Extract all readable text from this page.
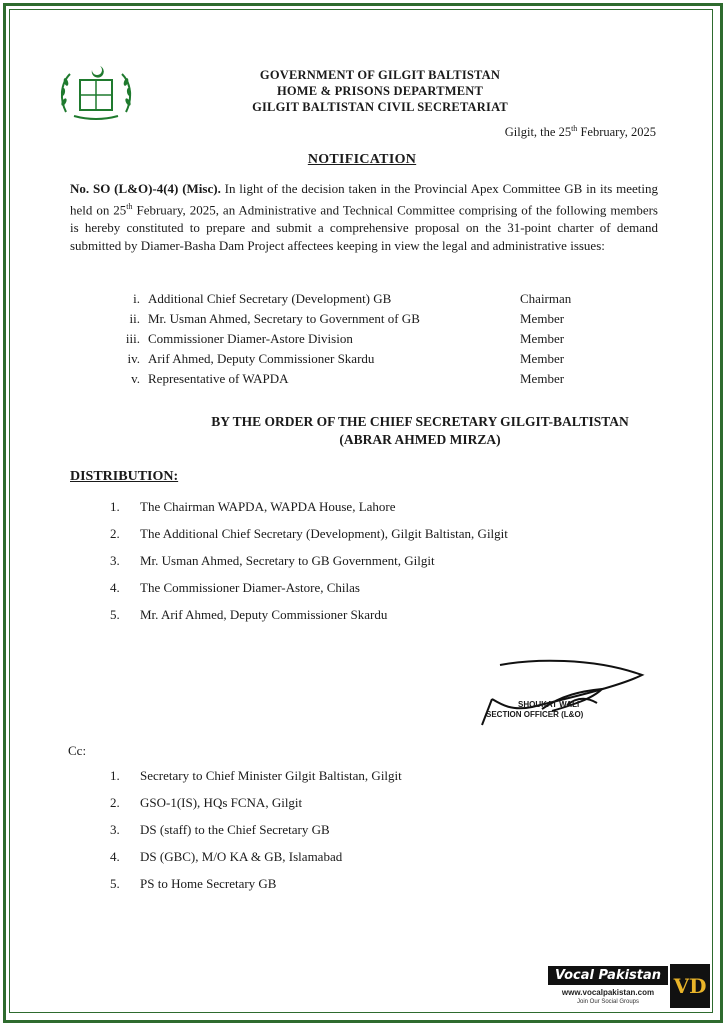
GOVERNMENT OF GILGIT BALTISTAN
HOME & PRISONS DEPARTMENT
GILGIT BALTISTAN CIVIL SECRETARIAT
Gilgit, the 25th February, 2025
NOTIFICATION
No. SO (L&O)-4(4) (Misc). In light of the decision taken in the Provincial Apex Committee GB in its meeting held on 25th February, 2025, an Administrative and Technical Committee comprising of the following members is hereby constituted to prepare and submit a comprehensive proposal on the 31-point charter of demand submitted by Diamer-Basha Dam Project affectees keeping in view the legal and administrative issues:
i. Additional Chief Secretary (Development) GB	Chairman
ii. Mr. Usman Ahmed, Secretary to Government of GB	Member
iii. Commissioner Diamer-Astore Division	Member
iv. Arif Ahmed, Deputy Commissioner Skardu	Member
v. Representative of WAPDA	Member
BY THE ORDER OF THE CHIEF SECRETARY GILGIT-BALTISTAN
(ABRAR AHMED MIRZA)
DISTRIBUTION:
1. The Chairman WAPDA, WAPDA House, Lahore
2. The Additional Chief Secretary (Development), Gilgit Baltistan, Gilgit
3. Mr. Usman Ahmed, Secretary to GB Government, Gilgit
4. The Commissioner Diamer-Astore, Chilas
5. Mr. Arif Ahmed, Deputy Commissioner Skardu
SHOUKAT WALI
SECTION OFFICER (L&O)
Cc:
1. Secretary to Chief Minister Gilgit Baltistan, Gilgit
2. GSO-1(IS), HQs FCNA, Gilgit
3. DS (staff) to the Chief Secretary GB
4. DS (GBC), M/O KA & GB, Islamabad
5. PS to Home Secretary GB
Vocal Pakistan
www.vocalpakistan.com
Join Our Social Groups
VD
